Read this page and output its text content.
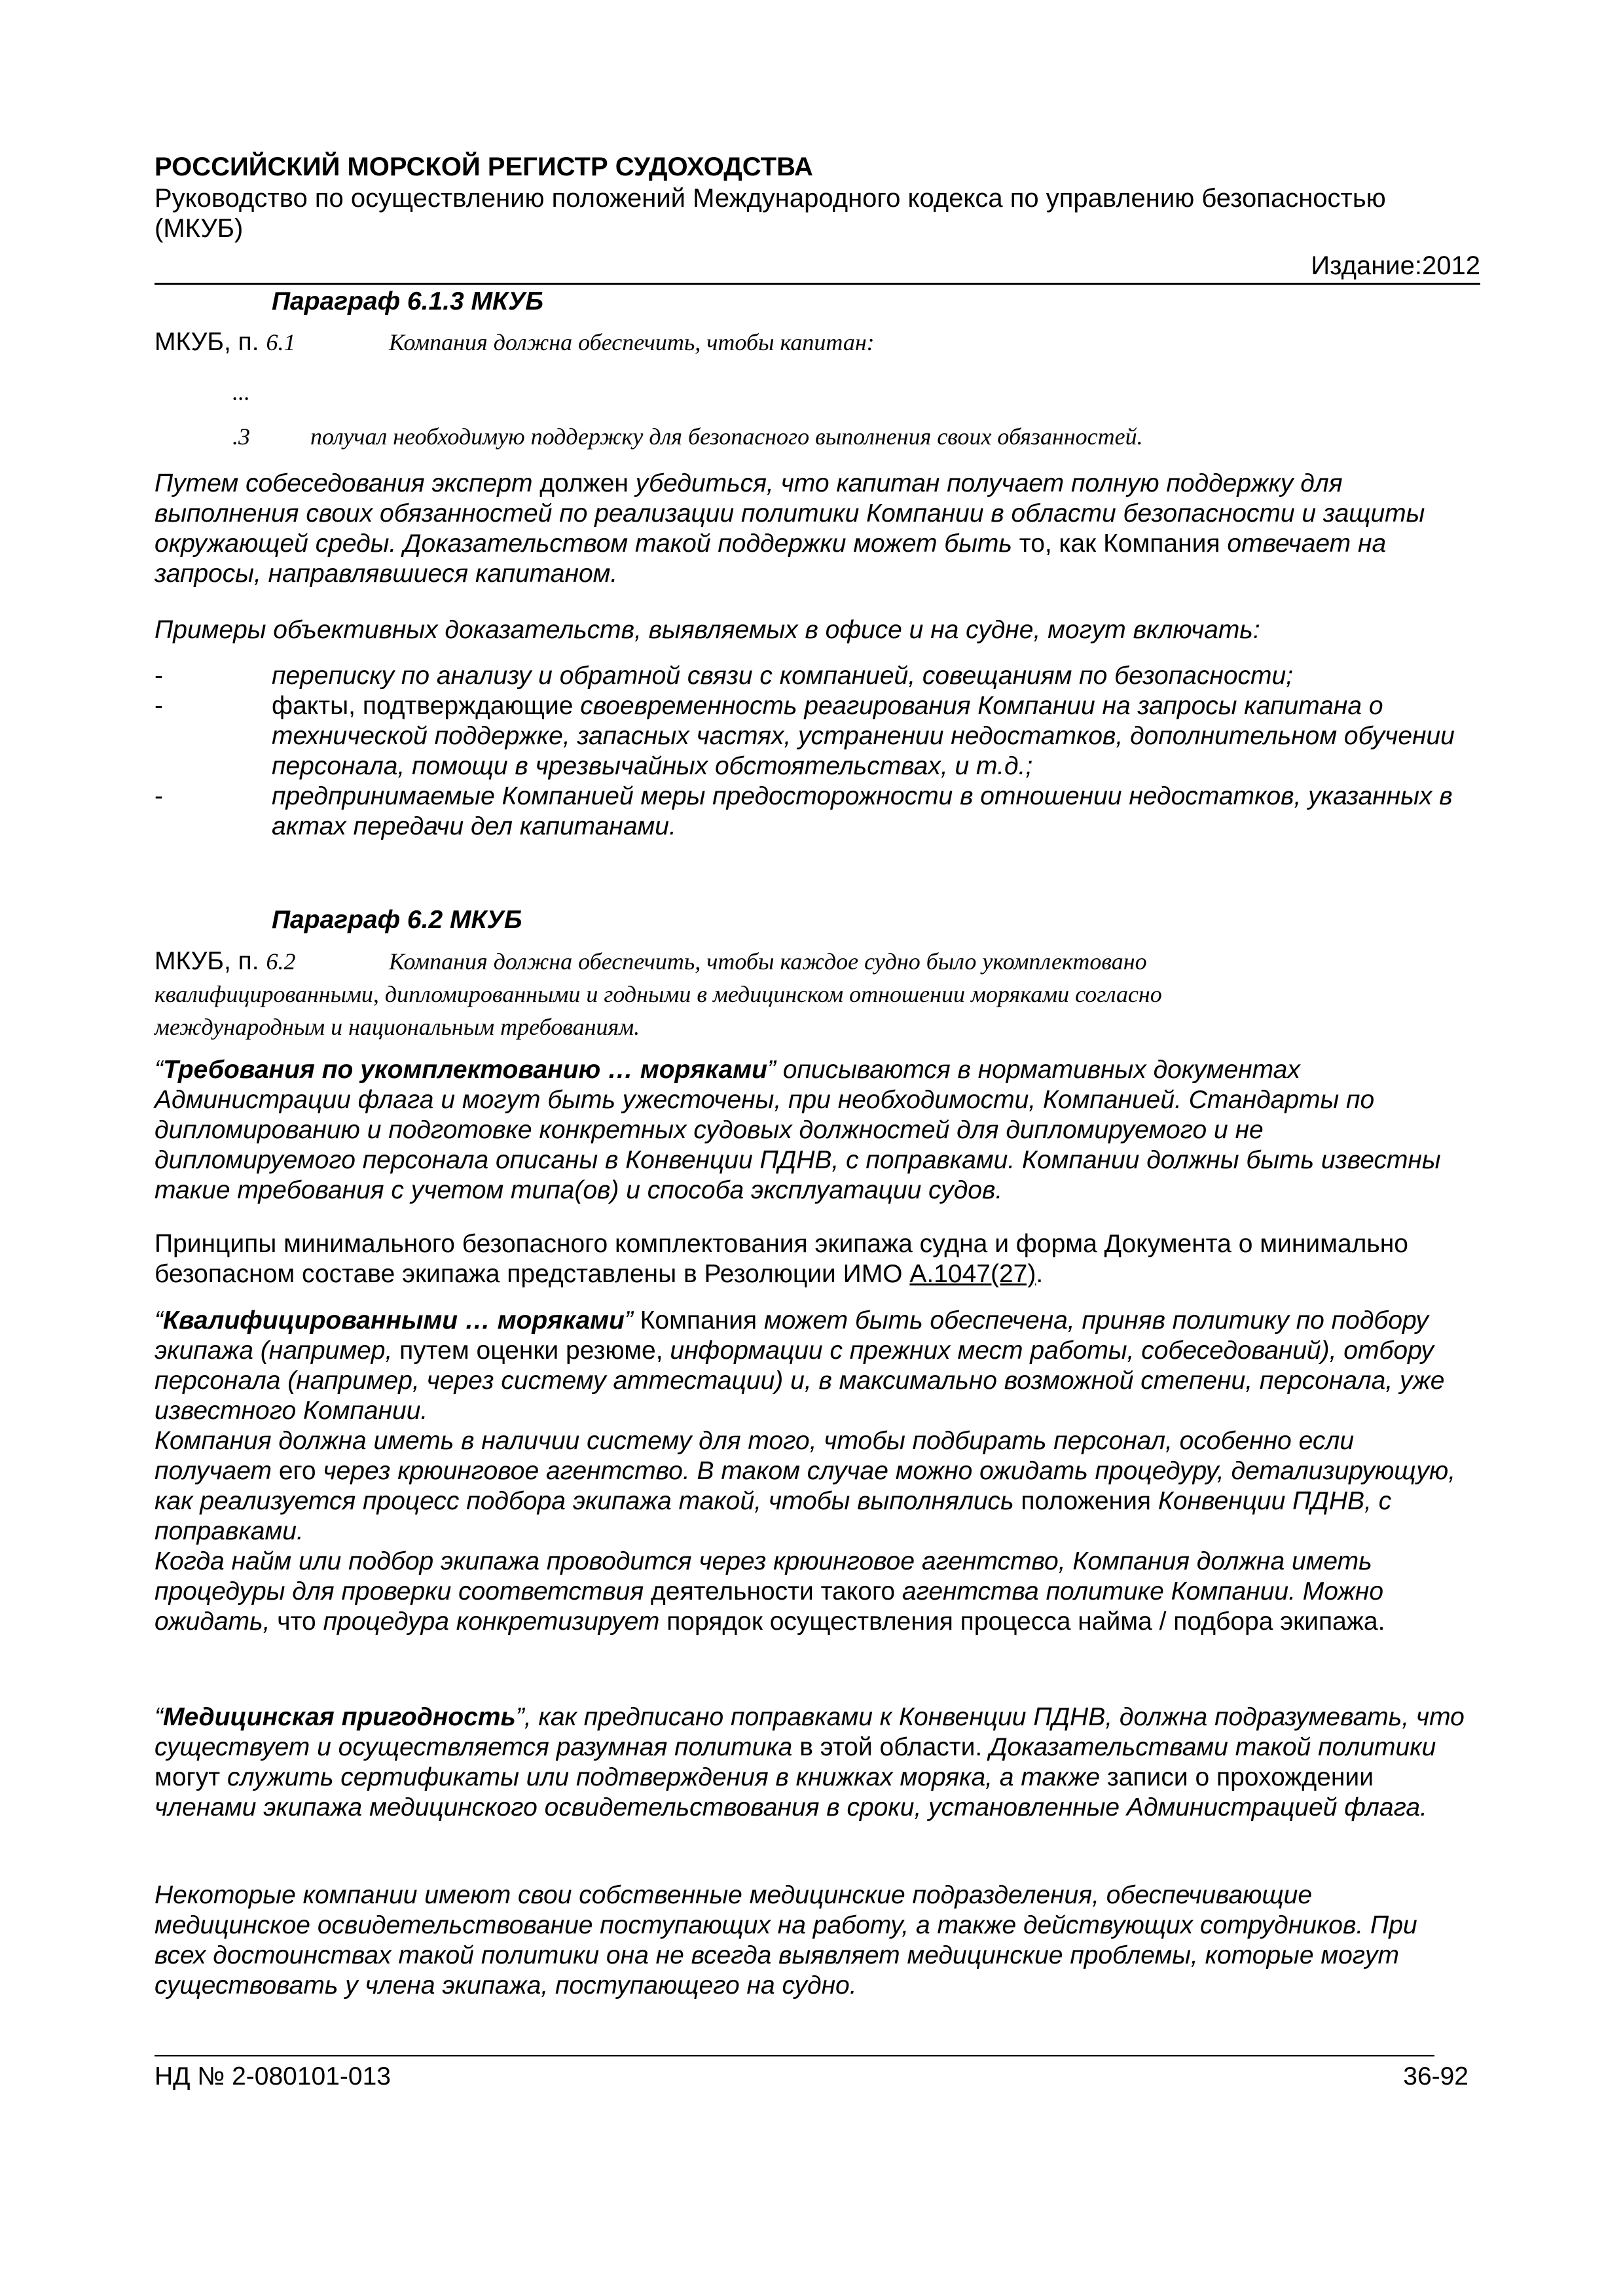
РОССИЙСКИЙ МОРСКОЙ РЕГИСТР СУДОХОДСТВА
Руководство по осуществлению положений Международного кодекса по управлению безопасностью
(МКУБ)
Издание:2012
Параграф 6.1.3 МКУБ
МКУБ, п. 6.1	Компания должна обеспечить, чтобы капитан:
...
.3	получал необходимую поддержку для безопасного выполнения своих обязанностей.
Путем собеседования эксперт должен убедиться, что капитан получает полную поддержку для выполнения своих обязанностей по реализации политики Компании в области безопасности и защиты окружающей среды. Доказательством такой поддержки может быть то, как Компания отвечает на запросы, направлявшиеся капитаном.
Примеры объективных доказательств, выявляемых в офисе и на судне, могут включать:
-	переписку по анализу и обратной связи с компанией, совещаниям по безопасности;
-	факты, подтверждающие своевременность реагирования Компании на запросы капитана о технической поддержке, запасных частях, устранении недостатков, дополнительном обучении персонала, помощи в чрезвычайных обстоятельствах, и т.д.;
-	предпринимаемые Компанией меры предосторожности в отношении недостатков, указанных в актах передачи дел капитанами.
Параграф 6.2 МКУБ
МКУБ, п. 6.2	Компания должна обеспечить, чтобы каждое судно было укомплектовано
квалифицированными, дипломированными и годными в медицинском отношении моряками согласно
международным и национальным требованиям.
“Требования по укомплектованию … моряками” описываются в нормативных документах Администрации флага и могут быть ужесточены, при необходимости, Компанией. Стандарты по дипломированию и подготовке конкретных судовых должностей для дипломируемого и не дипломируемого персонала описаны в Конвенции ПДНВ, с поправками. Компании должны быть известны такие требования с учетом типа(ов) и способа эксплуатации судов.
Принципы минимального безопасного комплектования экипажа судна и форма Документа о минимально безопасном составе экипажа представлены в Резолюции ИМО А.1047(27).
“Квалифицированными … моряками” Компания может быть обеспечена, приняв политику по подбору экипажа (например, путем оценки резюме, информации с прежних мест работы, собеседований), отбору персонала (например, через систему аттестации) и, в максимально возможной степени, персонала, уже известного Компании.
Компания должна иметь в наличии систему для того, чтобы подбирать персонал, особенно если получает его через крюинговое агентство. В таком случае можно ожидать процедуру, детализирующую, как реализуется процесс подбора экипажа такой, чтобы выполнялись положения Конвенции ПДНВ, с поправками.
Когда найм или подбор экипажа проводится через крюинговое агентство, Компания должна иметь процедуры для проверки соответствия деятельности такого агентства политике Компании. Можно ожидать, что процедура конкретизирует порядок осуществления процесса найма / подбора экипажа.
“Медицинская пригодность”, как предписано поправками к Конвенции ПДНВ, должна подразумевать, что существует и осуществляется разумная политика в этой области. Доказательствами такой политики могут служить сертификаты или подтверждения в книжках моряка, а также записи о прохождении членами экипажа медицинского освидетельствования в сроки, установленные Администрацией флага.
Некоторые компании имеют свои собственные медицинские подразделения, обеспечивающие медицинское освидетельствование поступающих на работу, а также действующих сотрудников. При всех достоинствах такой политики она не всегда выявляет медицинские проблемы, которые могут существовать у члена экипажа, поступающего на судно.
НД № 2-080101-013	36-92
